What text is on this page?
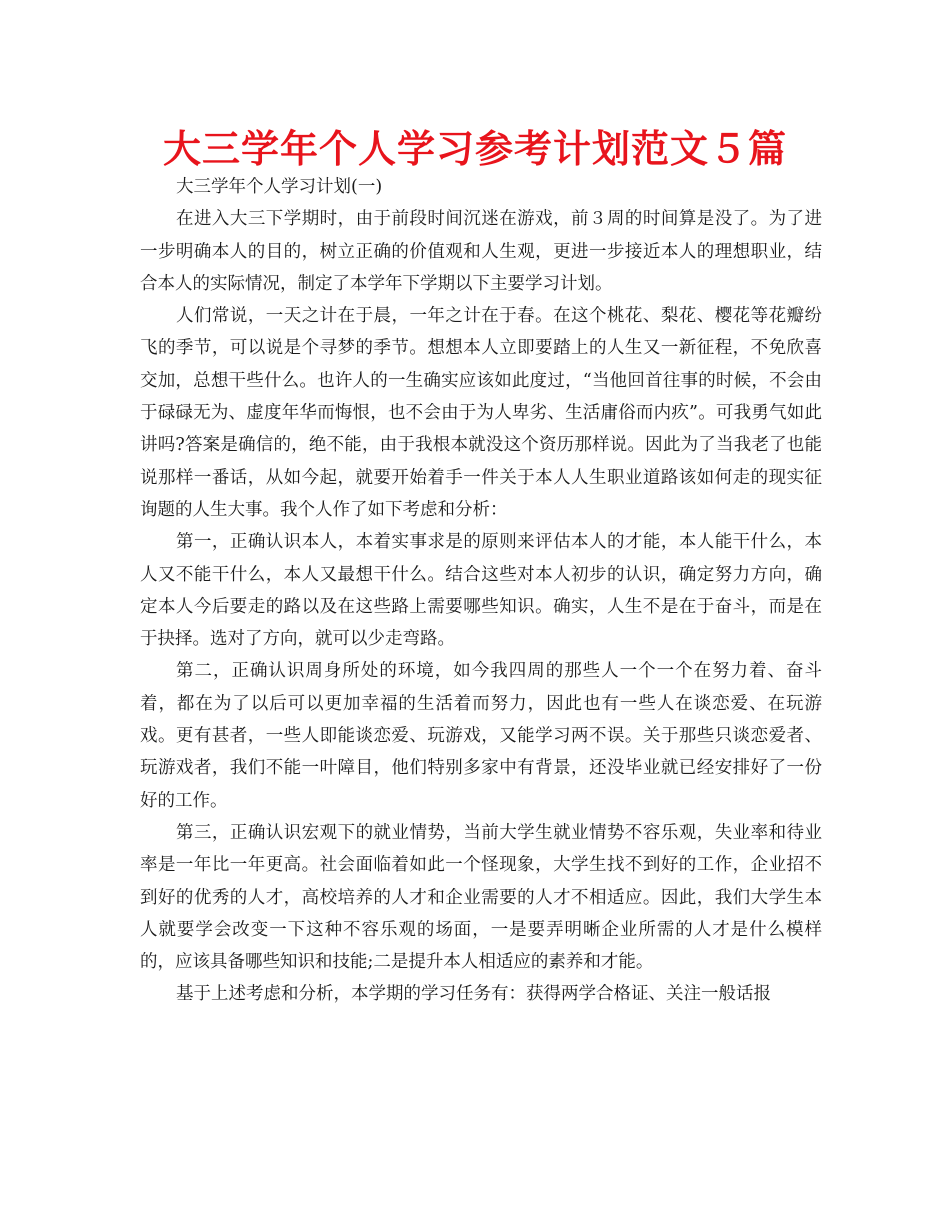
大三学年个人学习参考计划范文５篇

大三学年个人学习计划(一)

在进入大三下学期时，由于前段时间沉迷在游戏，前３周的时间算是没了。为了进一步明确本人的目的，树立正确的价值观和人生观，更进一步接近本人的理想职业，结合本人的实际情况，制定了本学年下学期以下主要学习计划。

人们常说，一天之计在于晨，一年之计在于春。在这个桃花、梨花、樱花等花瓣纷飞的季节，可以说是个寻梦的季节。想想本人立即要踏上的人生又一新征程，不免欣喜交加，总想干些什么。也许人的一生确实应该如此度过，“当他回首往事的时候，不会由于碌碌无为、虚度年华而悔恨，也不会由于为人卑劣、生活庸俗而内疚”。可我勇气如此讲吗?答案是确信的，绝不能，由于我根本就没这个资历那样说。因此为了当我老了也能说那样一番话，从如今起，就要开始着手一件关于本人人生职业道路该如何走的现实征询题的人生大事。我个人作了如下考虑和分析：

第一，正确认识本人，本着实事求是的原则来评估本人的才能，本人能干什么，本人又不能干什么，本人又最想干什么。结合这些对本人初步的认识，确定努力方向，确定本人今后要走的路以及在这些路上需要哪些知识。确实，人生不是在于奋斗，而是在于抉择。选对了方向，就可以少走弯路。

第二，正确认识周身所处的环境，如今我四周的那些人一个一个在努力着、奋斗着，都在为了以后可以更加幸福的生活着而努力，因此也有一些人在谈恋爱、在玩游戏。更有甚者，一些人即能谈恋爱、玩游戏，又能学习两不误。关于那些只谈恋爱者、玩游戏者，我们不能一叶障目，他们特别多家中有背景，还没毕业就已经安排好了一份好的工作。

第三，正确认识宏观下的就业情势，当前大学生就业情势不容乐观，失业率和待业率是一年比一年更高。社会面临着如此一个怪现象，大学生找不到好的工作，企业招不到好的优秀的人才，高校培养的人才和企业需要的人才不相适应。因此，我们大学生本人就要学会改变一下这种不容乐观的场面，一是要弄明晰企业所需的人才是什么模样的，应该具备哪些知识和技能;二是提升本人相适应的素养和才能。

基于上述考虑和分析，本学期的学习任务有：获得两学合格证、关注一般话报
